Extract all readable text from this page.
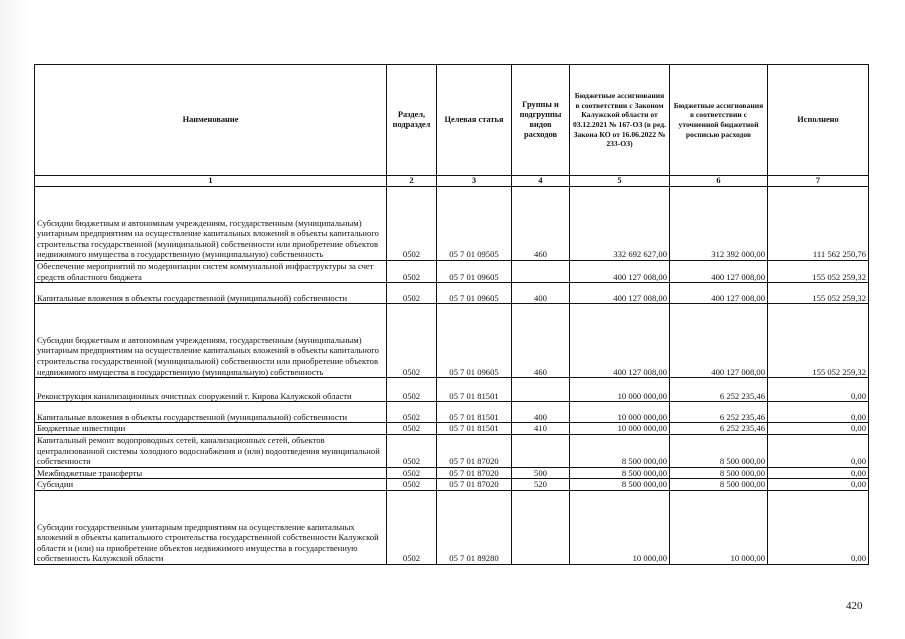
Наименование	Раздел, подраздел	Целевая статья	Группы и подгруппы видов расходов	Бюджетные ассигнования в соответствии с Законом Калужской области от 03.12.2021 № 167-ОЗ (в ред. Закона КО от 16.06.2022 № 233-ОЗ)	Бюджетные ассигнования в соответствии с уточненной бюджетной росписью расходов	Исполнено
1	2	3	4	5	6	7
Субсидии бюджетным и автономным учреждениям, государственным (муниципальным) унитарным предприятиям на осуществление капитальных вложений в объекты капитального строительства государственной (муниципальной) собственности или приобретение объектов недвижимого имущества в государственную (муниципальную) собственность	0502	05 7 01 09505	460	332 692 627,00	312 392 000,00	111 562 250,76
Обеспечение мероприятий по модернизации систем коммунальной инфраструктуры за счет средств областного бюджета	0502	05 7 01 09605		400 127 008,00	400 127 008,00	155 052 259,32
Капитальные вложения в объекты государственной (муниципальной) собственности	0502	05 7 01 09605	400	400 127 008,00	400 127 008,00	155 052 259,32
Субсидии бюджетным и автономным учреждениям, государственным (муниципальным) унитарным предприятиям на осуществление капитальных вложений в объекты капитального строительства государственной (муниципальной) собственности или приобретение объектов недвижимого имущества в государственную (муниципальную) собственность	0502	05 7 01 09605	460	400 127 008,00	400 127 008,00	155 052 259,32
Реконструкция канализационных очистных сооружений г. Кирова Калужской области	0502	05 7 01 81501		10 000 000,00	6 252 235,46	0,00
Капитальные вложения в объекты государственной (муниципальной) собственности	0502	05 7 01 81501	400	10 000 000,00	6 252 235,46	0,00
Бюджетные инвестиции	0502	05 7 01 81501	410	10 000 000,00	6 252 235,46	0,00
Капитальный ремонт водопроводных сетей, канализационных сетей, объектов централизованной системы холодного водоснабжения и (или) водоотведения муниципальной собственности	0502	05 7 01 87020		8 500 000,00	8 500 000,00	0,00
Межбюджетные трансферты	0502	05 7 01 87020	500	8 500 000,00	8 500 000,00	0,00
Субсидии	0502	05 7 01 87020	520	8 500 000,00	8 500 000,00	0,00
Субсидии государственным унитарным предприятиям на осуществление капитальных вложений в объекты капитального строительства государственной собственности Калужской области и (или) на приобретение объектов недвижимого имущества в государственную собственность Калужской области	0502	05 7 01 89280		10 000,00	10 000,00	0,00
420
